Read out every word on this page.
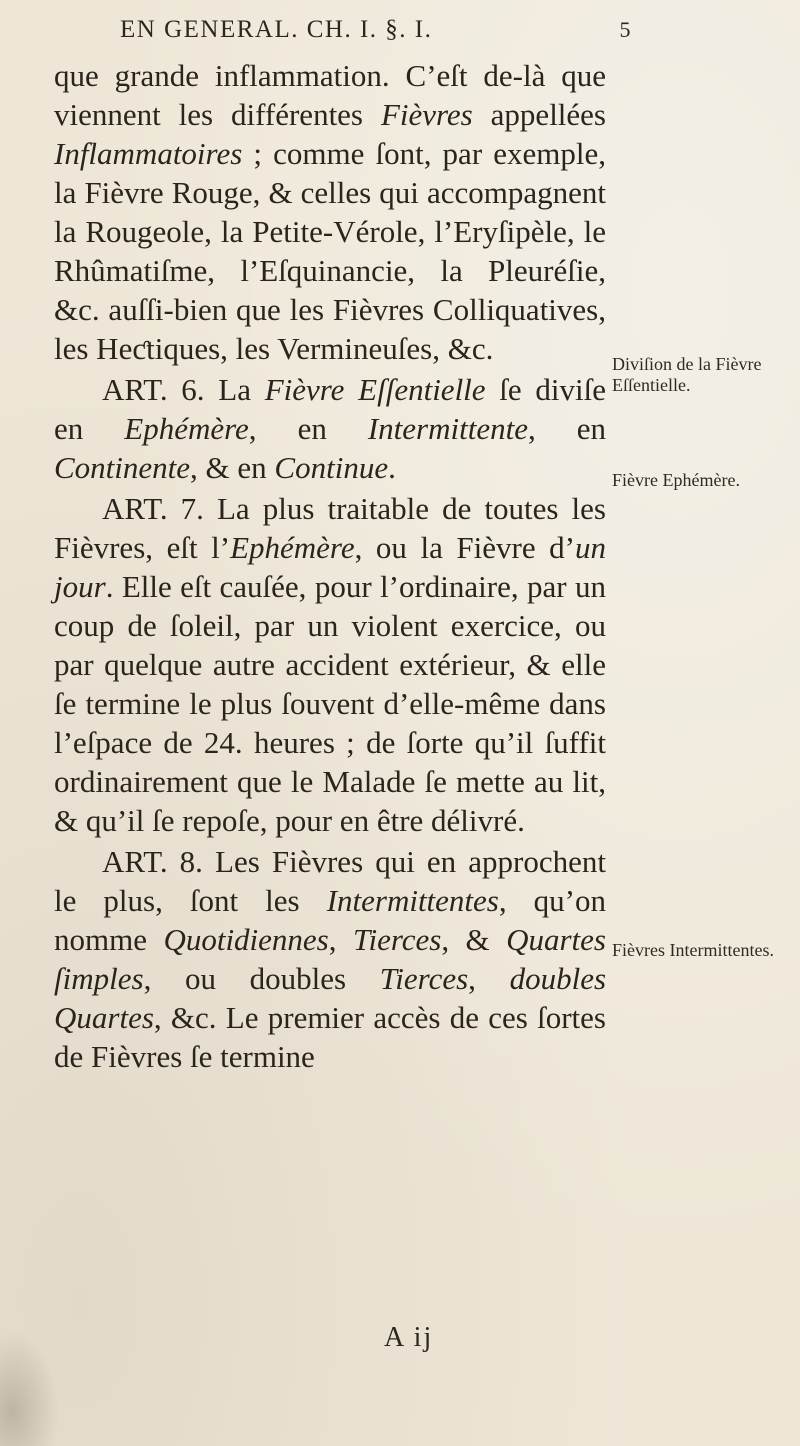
EN GENERAL. CH. I. §. I.	5

que grande inflammation. C’eſt de-là que viennent les différentes Fièvres appellées Inflammatoires ; comme ſont, par exemple, la Fièvre Rouge, & celles qui accompagnent la Rougeole, la Petite-Vérole, l’Eryſipèle, le Rhûmatiſme, l’Eſquinancie, la Pleuréſie, &c. auſſi-bien que les Fièvres Colliquatives, les Heƈtiques, les Vermineuſes, &c.

ART. 6. La Fièvre Eſſentielle ſe diviſe en Ephémère, en Intermittente, en Continente, & en Continue.

ART. 7. La plus traitable de toutes les Fièvres, eſt l’Ephémère, ou la Fièvre d’un jour. Elle eſt cauſée, pour l’ordinaire, par un coup de ſoleil, par un violent exercice, ou par quelque autre accident extérieur, & elle ſe termine le plus ſouvent d’elle-même dans l’eſpace de 24. heures ; de ſorte qu’il ſuffit ordinairement que le Malade ſe mette au lit, & qu’il ſe repoſe, pour en être délivré.

ART. 8. Les Fièvres qui en approchent le plus, ſont les Intermittentes, qu’on nomme Quotidiennes, Tierces, & Quartes ſimples, ou doubles Tierces, doubles Quartes, &c. Le premier accès de ces ſortes de Fièvres ſe termine

Diviſion de la Fièvre Eſſentielle.
Fièvre Ephémère.
Fièvres Intermittentes.
A ij
